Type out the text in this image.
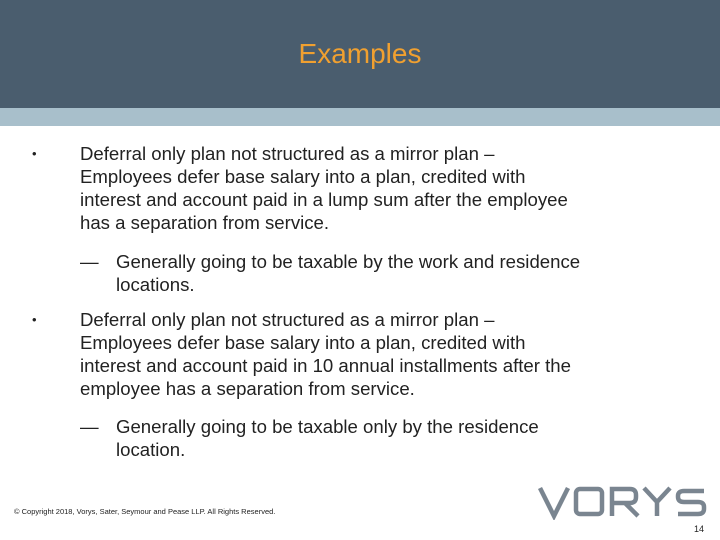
Examples
• Deferral only plan not structured as a mirror plan –
Employees defer base salary into a plan, credited with
interest and account paid in a lump sum after the employee
has a separation from service.
— Generally going to be taxable by the work and residence
locations.
• Deferral only plan not structured as a mirror plan –
Employees defer base salary into a plan, credited with
interest and account paid in 10 annual installments after the
employee has a separation from service.
— Generally going to be taxable only by the residence
location.
© Copyright 2018, Vorys, Sater, Seymour and Pease LLP. All Rights Reserved.
14
